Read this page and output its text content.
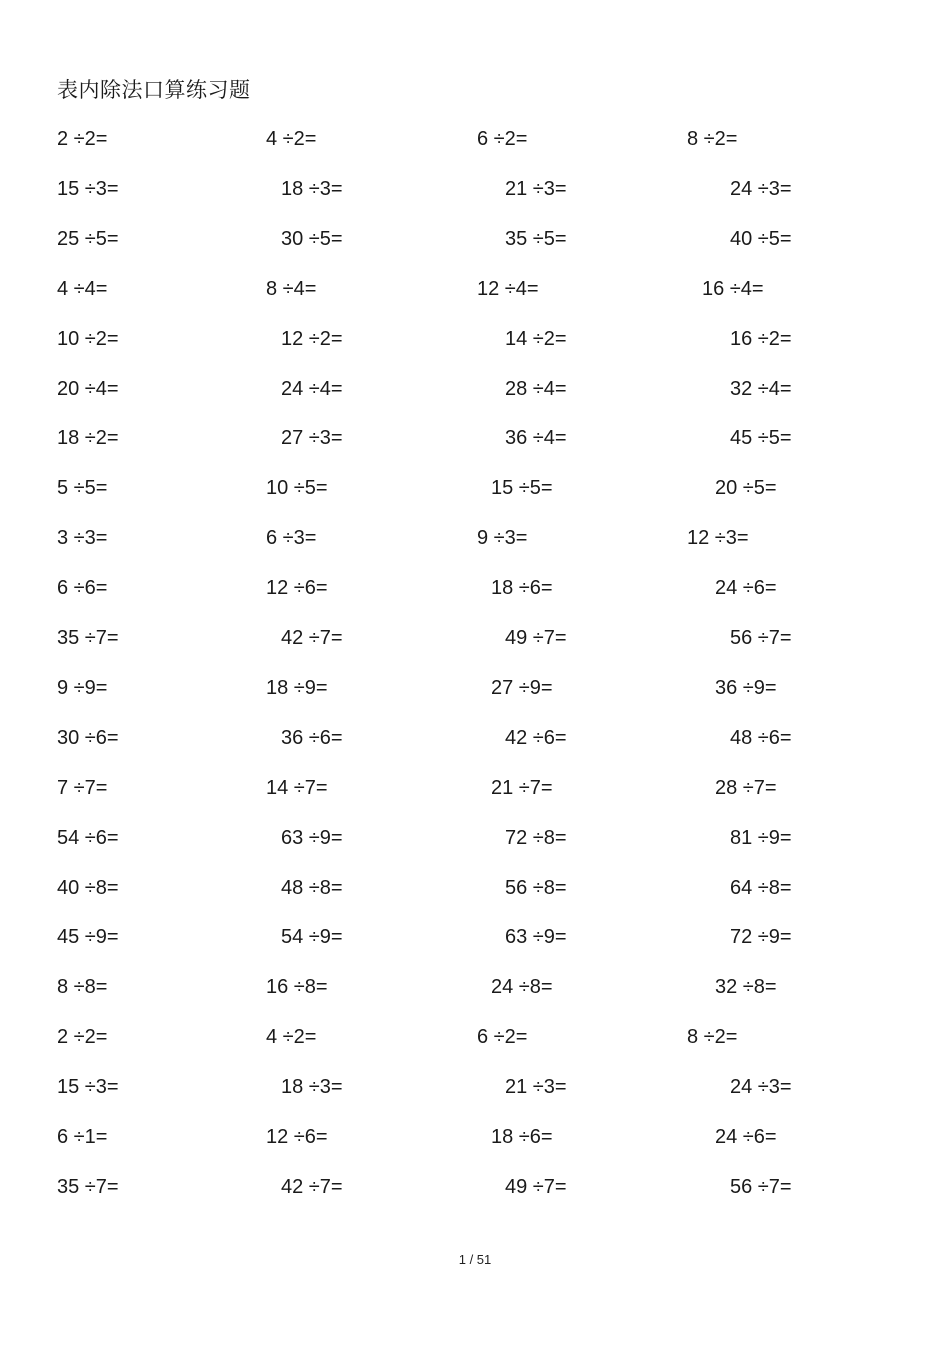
表内除法口算练习题
2 ÷2=	4 ÷2=	6 ÷2=	8 ÷2=
15 ÷3=	18 ÷3=	21 ÷3=	24 ÷3=
25 ÷5=	30 ÷5=	35 ÷5=	40 ÷5=
4 ÷4=	8 ÷4=	12 ÷4=	16 ÷4=
10 ÷2=	12 ÷2=	14 ÷2=	16 ÷2=
20 ÷4=	24 ÷4=	28 ÷4=	32 ÷4=
18 ÷2=	27 ÷3=	36 ÷4=	45 ÷5=
5 ÷5=	10 ÷5=	15 ÷5=	20 ÷5=
3 ÷3=	6 ÷3=	9 ÷3=	12 ÷3=
6 ÷6=	12 ÷6=	18 ÷6=	24 ÷6=
35 ÷7=	42 ÷7=	49 ÷7=	56 ÷7=
9 ÷9=	18 ÷9=	27 ÷9=	36 ÷9=
30 ÷6=	36 ÷6=	42 ÷6=	48 ÷6=
7 ÷7=	14 ÷7=	21 ÷7=	28 ÷7=
54 ÷6=	63 ÷9=	72 ÷8=	81 ÷9=
40 ÷8=	48 ÷8=	56 ÷8=	64 ÷8=
45 ÷9=	54 ÷9=	63 ÷9=	72 ÷9=
8 ÷8=	16 ÷8=	24 ÷8=	32 ÷8=
2 ÷2=	4 ÷2=	6 ÷2=	8 ÷2=
15 ÷3=	18 ÷3=	21 ÷3=	24 ÷3=
6 ÷1=	12 ÷6=	18 ÷6=	24 ÷6=
35 ÷7=	42 ÷7=	49 ÷7=	56 ÷7=
1 / 51
